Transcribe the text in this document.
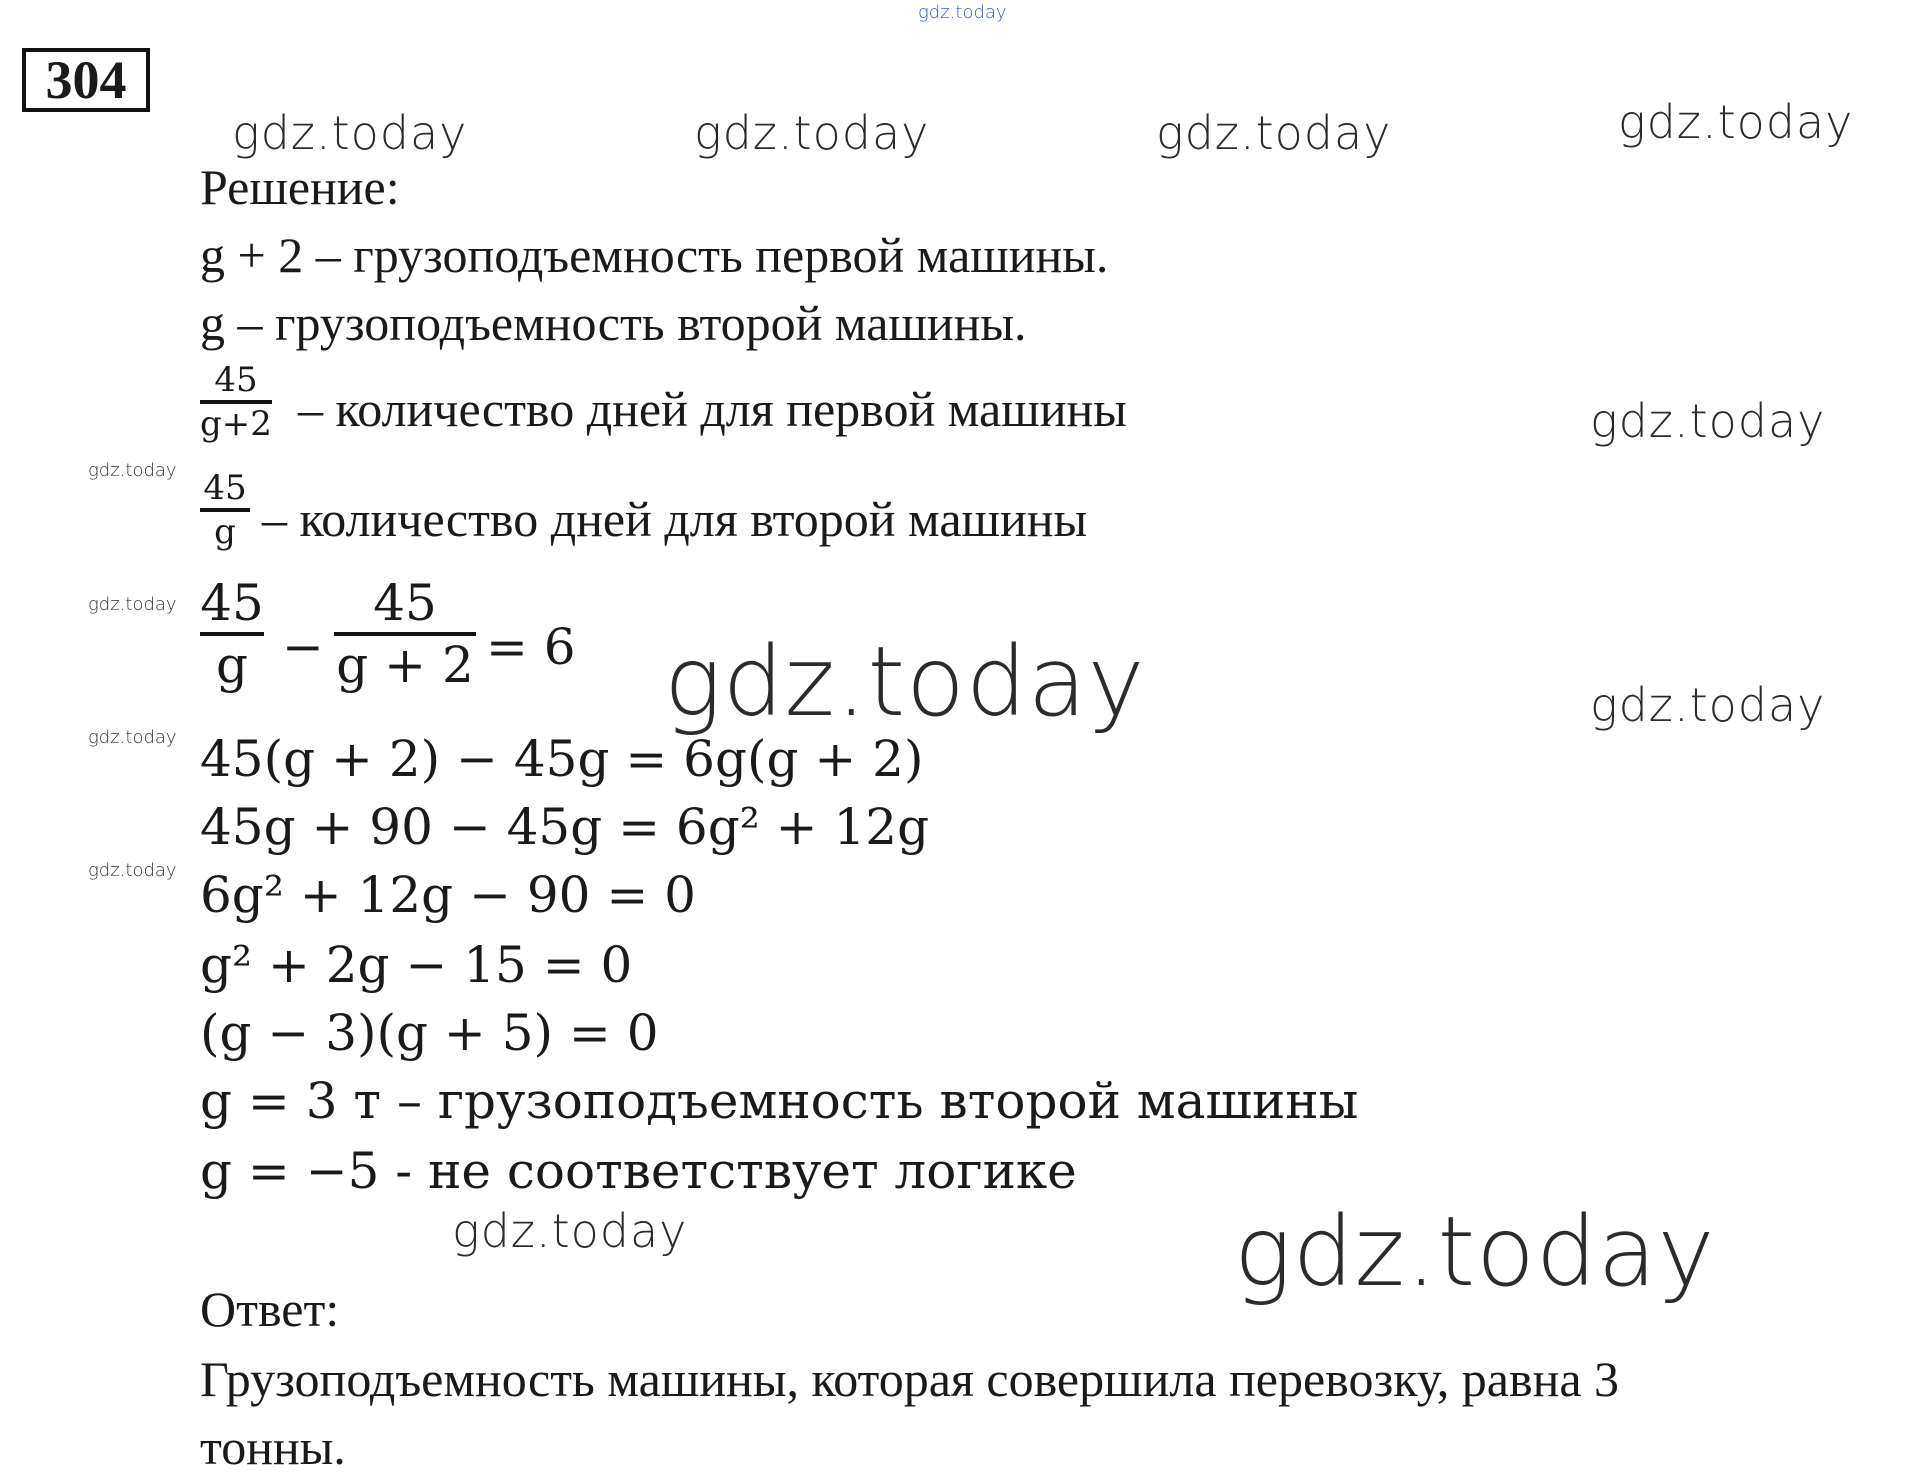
gdz.today
304
gdz.today	gdz.today	gdz.today	gdz.today
Решение:
g + 2 – грузоподъемность первой машины.
g – грузоподъемность второй машины.
45
g+2 – количество дней для первой машины	gdz.today
gdz.today
gdz.today
gdz.today
gdz.today
45
g – количество дней для второй машины
45
g −
45
g + 2 = 6 gdz.today	gdz.today
45(g + 2) − 45g = 6g(g + 2)
45g + 90 − 45g = 6g² + 12g
6g² + 12g − 90 = 0
g² + 2g − 15 = 0
(g − 3)(g + 5) = 0
g = 3 т – грузоподъемность второй машины
g = −5 - не соответствует логике
gdz.today	gdz.today
Ответ:
Грузоподъемность машины, которая совершила перевозку, равна 3
тонны.
